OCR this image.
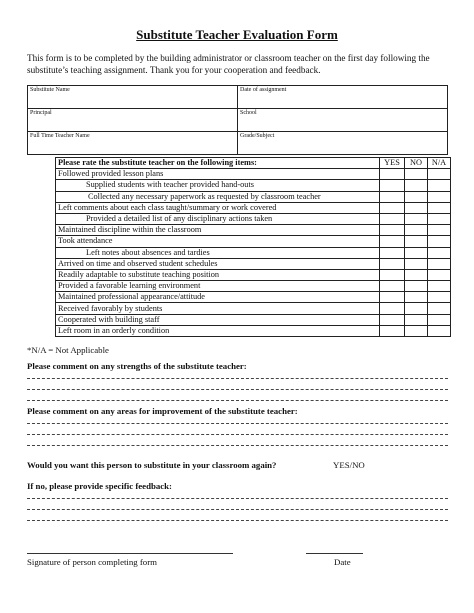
Substitute Teacher Evaluation Form
This form is to be completed by the building administrator or classroom teacher on the first day following the substitute’s teaching assignment. Thank you for your cooperation and feedback.
Substitute Name	Date of assignment
Principal	School
Full Time Teacher Name	Grade/Subject
Please rate the substitute teacher on the following items:	YES	NO	N/A
Followed provided lesson plans			
Supplied students with teacher provided hand-outs			
Collected any necessary paperwork as requested by classroom teacher			
Left comments about each class taught/summary or work covered			
Provided a detailed list of any disciplinary actions taken			
Maintained discipline within the classroom			
Took attendance			
Left notes about absences and tardies			
Arrived on time and observed student schedules			
Readily adaptable to substitute teaching position			
Provided a favorable learning environment			
Maintained professional appearance/attitude			
Received favorably by students			
Cooperated with building staff			
Left room in an orderly condition			
*N/A = Not Applicable
Please comment on any strengths of the substitute teacher:
Please comment on any areas for improvement of the substitute teacher:
Would you want this person to substitute in your classroom again?	YES/NO
If no, please provide specific feedback:
Signature of person completing form	Date
